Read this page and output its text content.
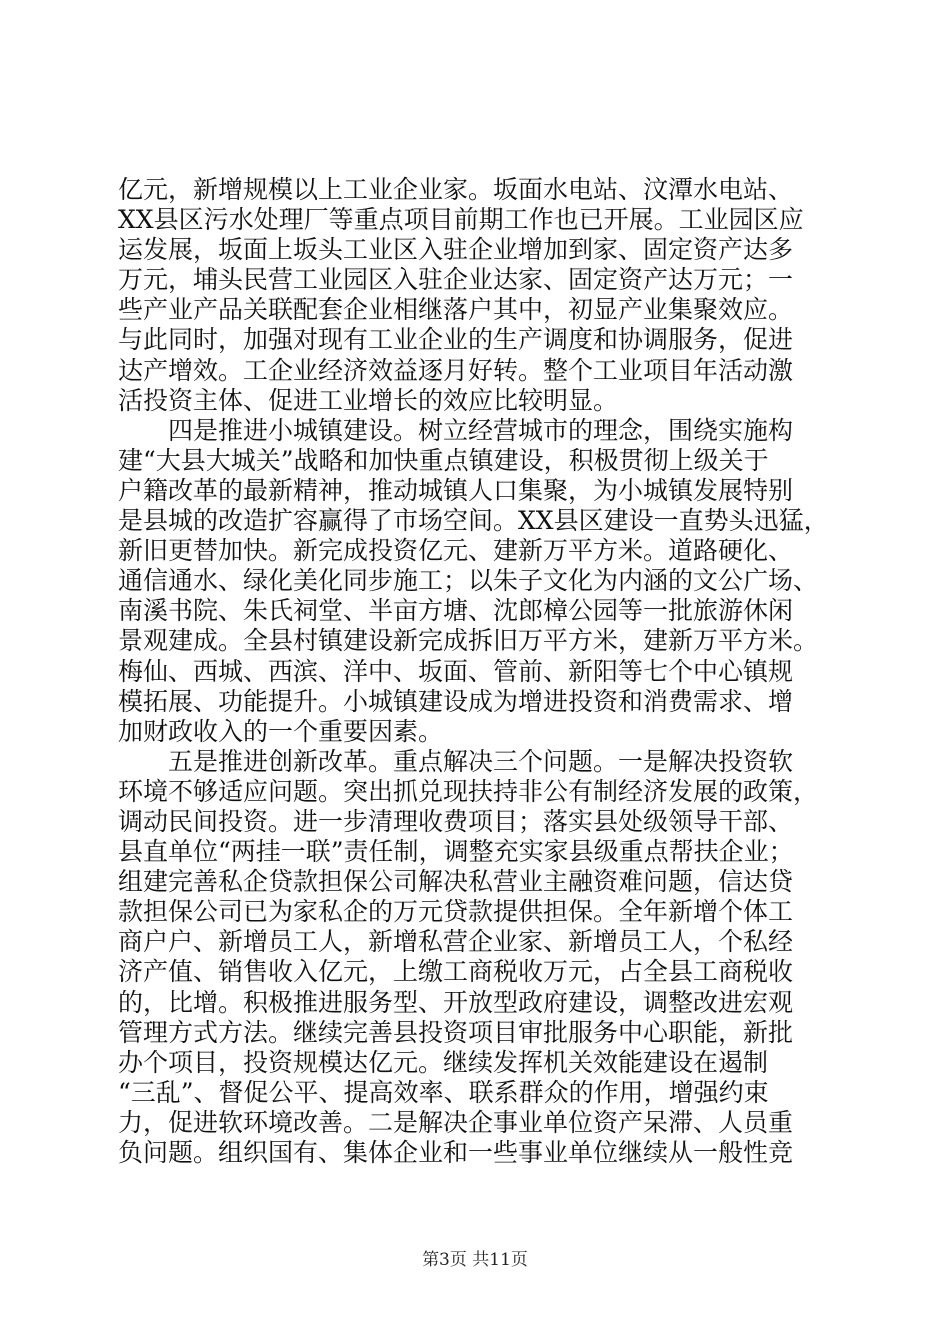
亿元，新增规模以上工业企业家。坂面水电站、汶潭水电站、
XX县区污水处理厂等重点项目前期工作也已开展。工业园区应
运发展，坂面上坂头工业区入驻企业增加到家、固定资产达多
万元，埔头民营工业园区入驻企业达家、固定资产达万元；一
些产业产品关联配套企业相继落户其中，初显产业集聚效应。
与此同时，加强对现有工业企业的生产调度和协调服务，促进
达产增效。工企业经济效益逐月好转。整个工业项目年活动激
活投资主体、促进工业增长的效应比较明显。
　　四是推进小城镇建设。树立经营城市的理念，围绕实施构
建“大县大城关”战略和加快重点镇建设，积极贯彻上级关于
户籍改革的最新精神，推动城镇人口集聚，为小城镇发展特别
是县城的改造扩容赢得了市场空间。XX县区建设一直势头迅猛，
新旧更替加快。新完成投资亿元、建新万平方米。道路硬化、
通信通水、绿化美化同步施工；以朱子文化为内涵的文公广场、
南溪书院、朱氏祠堂、半亩方塘、沈郎樟公园等一批旅游休闲
景观建成。全县村镇建设新完成拆旧万平方米，建新万平方米。
梅仙、西城、西滨、洋中、坂面、管前、新阳等七个中心镇规
模拓展、功能提升。小城镇建设成为增进投资和消费需求、增
加财政收入的一个重要因素。
　　五是推进创新改革。重点解决三个问题。一是解决投资软
环境不够适应问题。突出抓兑现扶持非公有制经济发展的政策，
调动民间投资。进一步清理收费项目；落实县处级领导干部、
县直单位“两挂一联”责任制，调整充实家县级重点帮扶企业；
组建完善私企贷款担保公司解决私营业主融资难问题，信达贷
款担保公司已为家私企的万元贷款提供担保。全年新增个体工
商户户、新增员工人，新增私营企业家、新增员工人，个私经
济产值、销售收入亿元，上缴工商税收万元，占全县工商税收
的，比增。积极推进服务型、开放型政府建设，调整改进宏观
管理方式方法。继续完善县投资项目审批服务中心职能，新批
办个项目，投资规模达亿元。继续发挥机关效能建设在遏制
“三乱”、督促公平、提高效率、联系群众的作用，增强约束
力，促进软环境改善。二是解决企事业单位资产呆滞、人员重
负问题。组织国有、集体企业和一些事业单位继续从一般性竞
第3页 共11页
